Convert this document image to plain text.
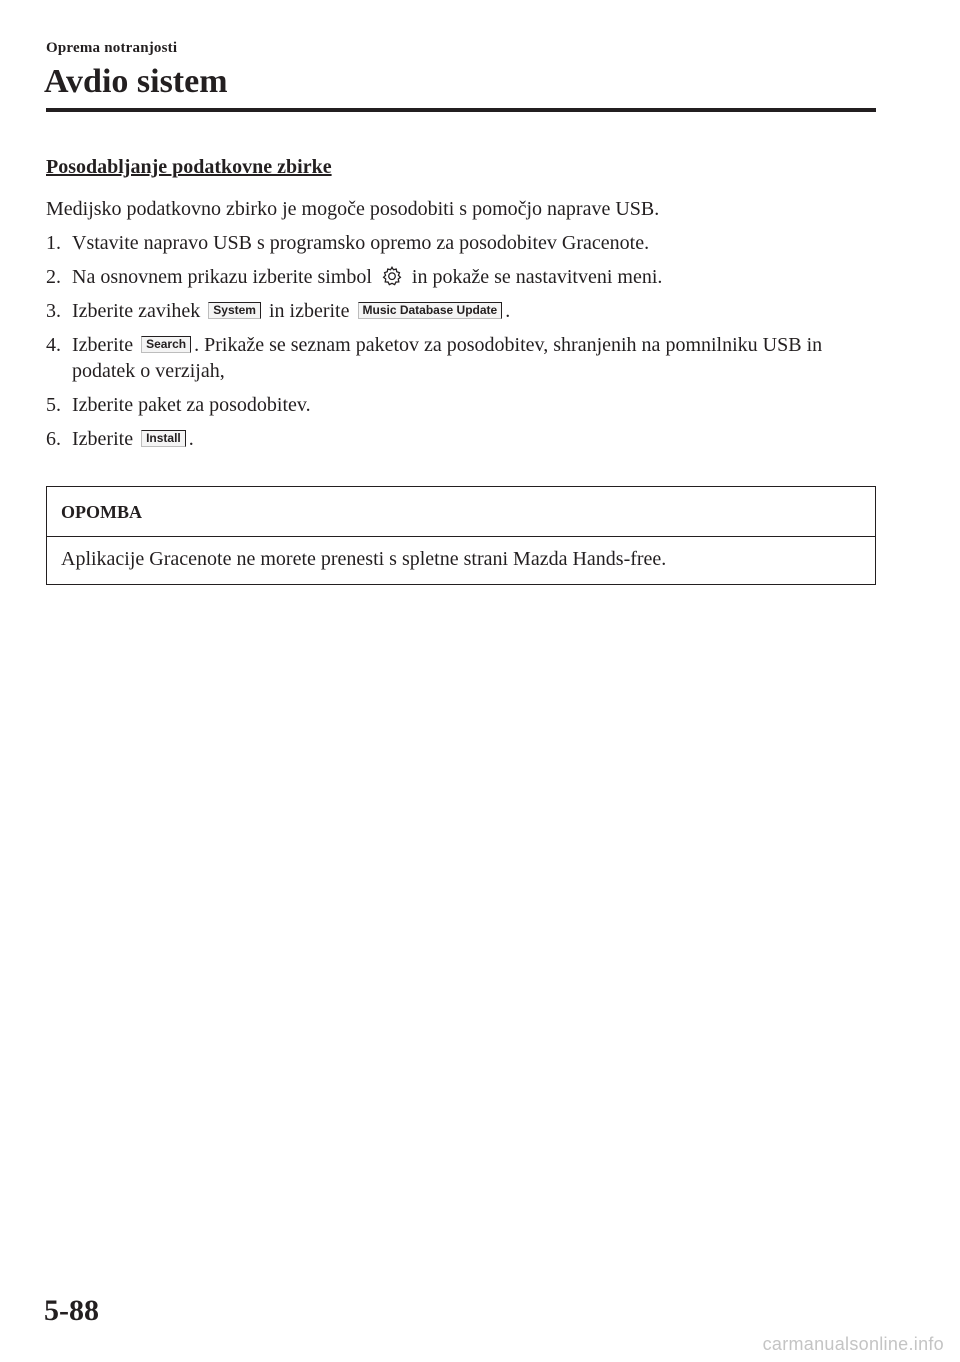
Oprema notranjosti
Avdio sistem

Posodabljanje podatkovne zbirke

Medijsko podatkovno zbirko je mogoče posodobiti s pomočjo naprave USB.

1. Vstavite napravo USB s programsko opremo za posodobitev Gracenote.
2. Na osnovnem prikazu izberite simbol in pokaže se nastavitveni meni.
3. Izberite zavihek System in izberite Music Database Update .
4. Izberite Search . Prikaže se seznam paketov za posodobitev, shranjenih na pomnilniku USB in podatek o verzijah,
5. Izberite paket za posodobitev.
6. Izberite Install .
OPOMBA
Aplikacije Gracenote ne morete prenesti s spletne strani Mazda Hands-free.
5-88
carmanualsonline.info
